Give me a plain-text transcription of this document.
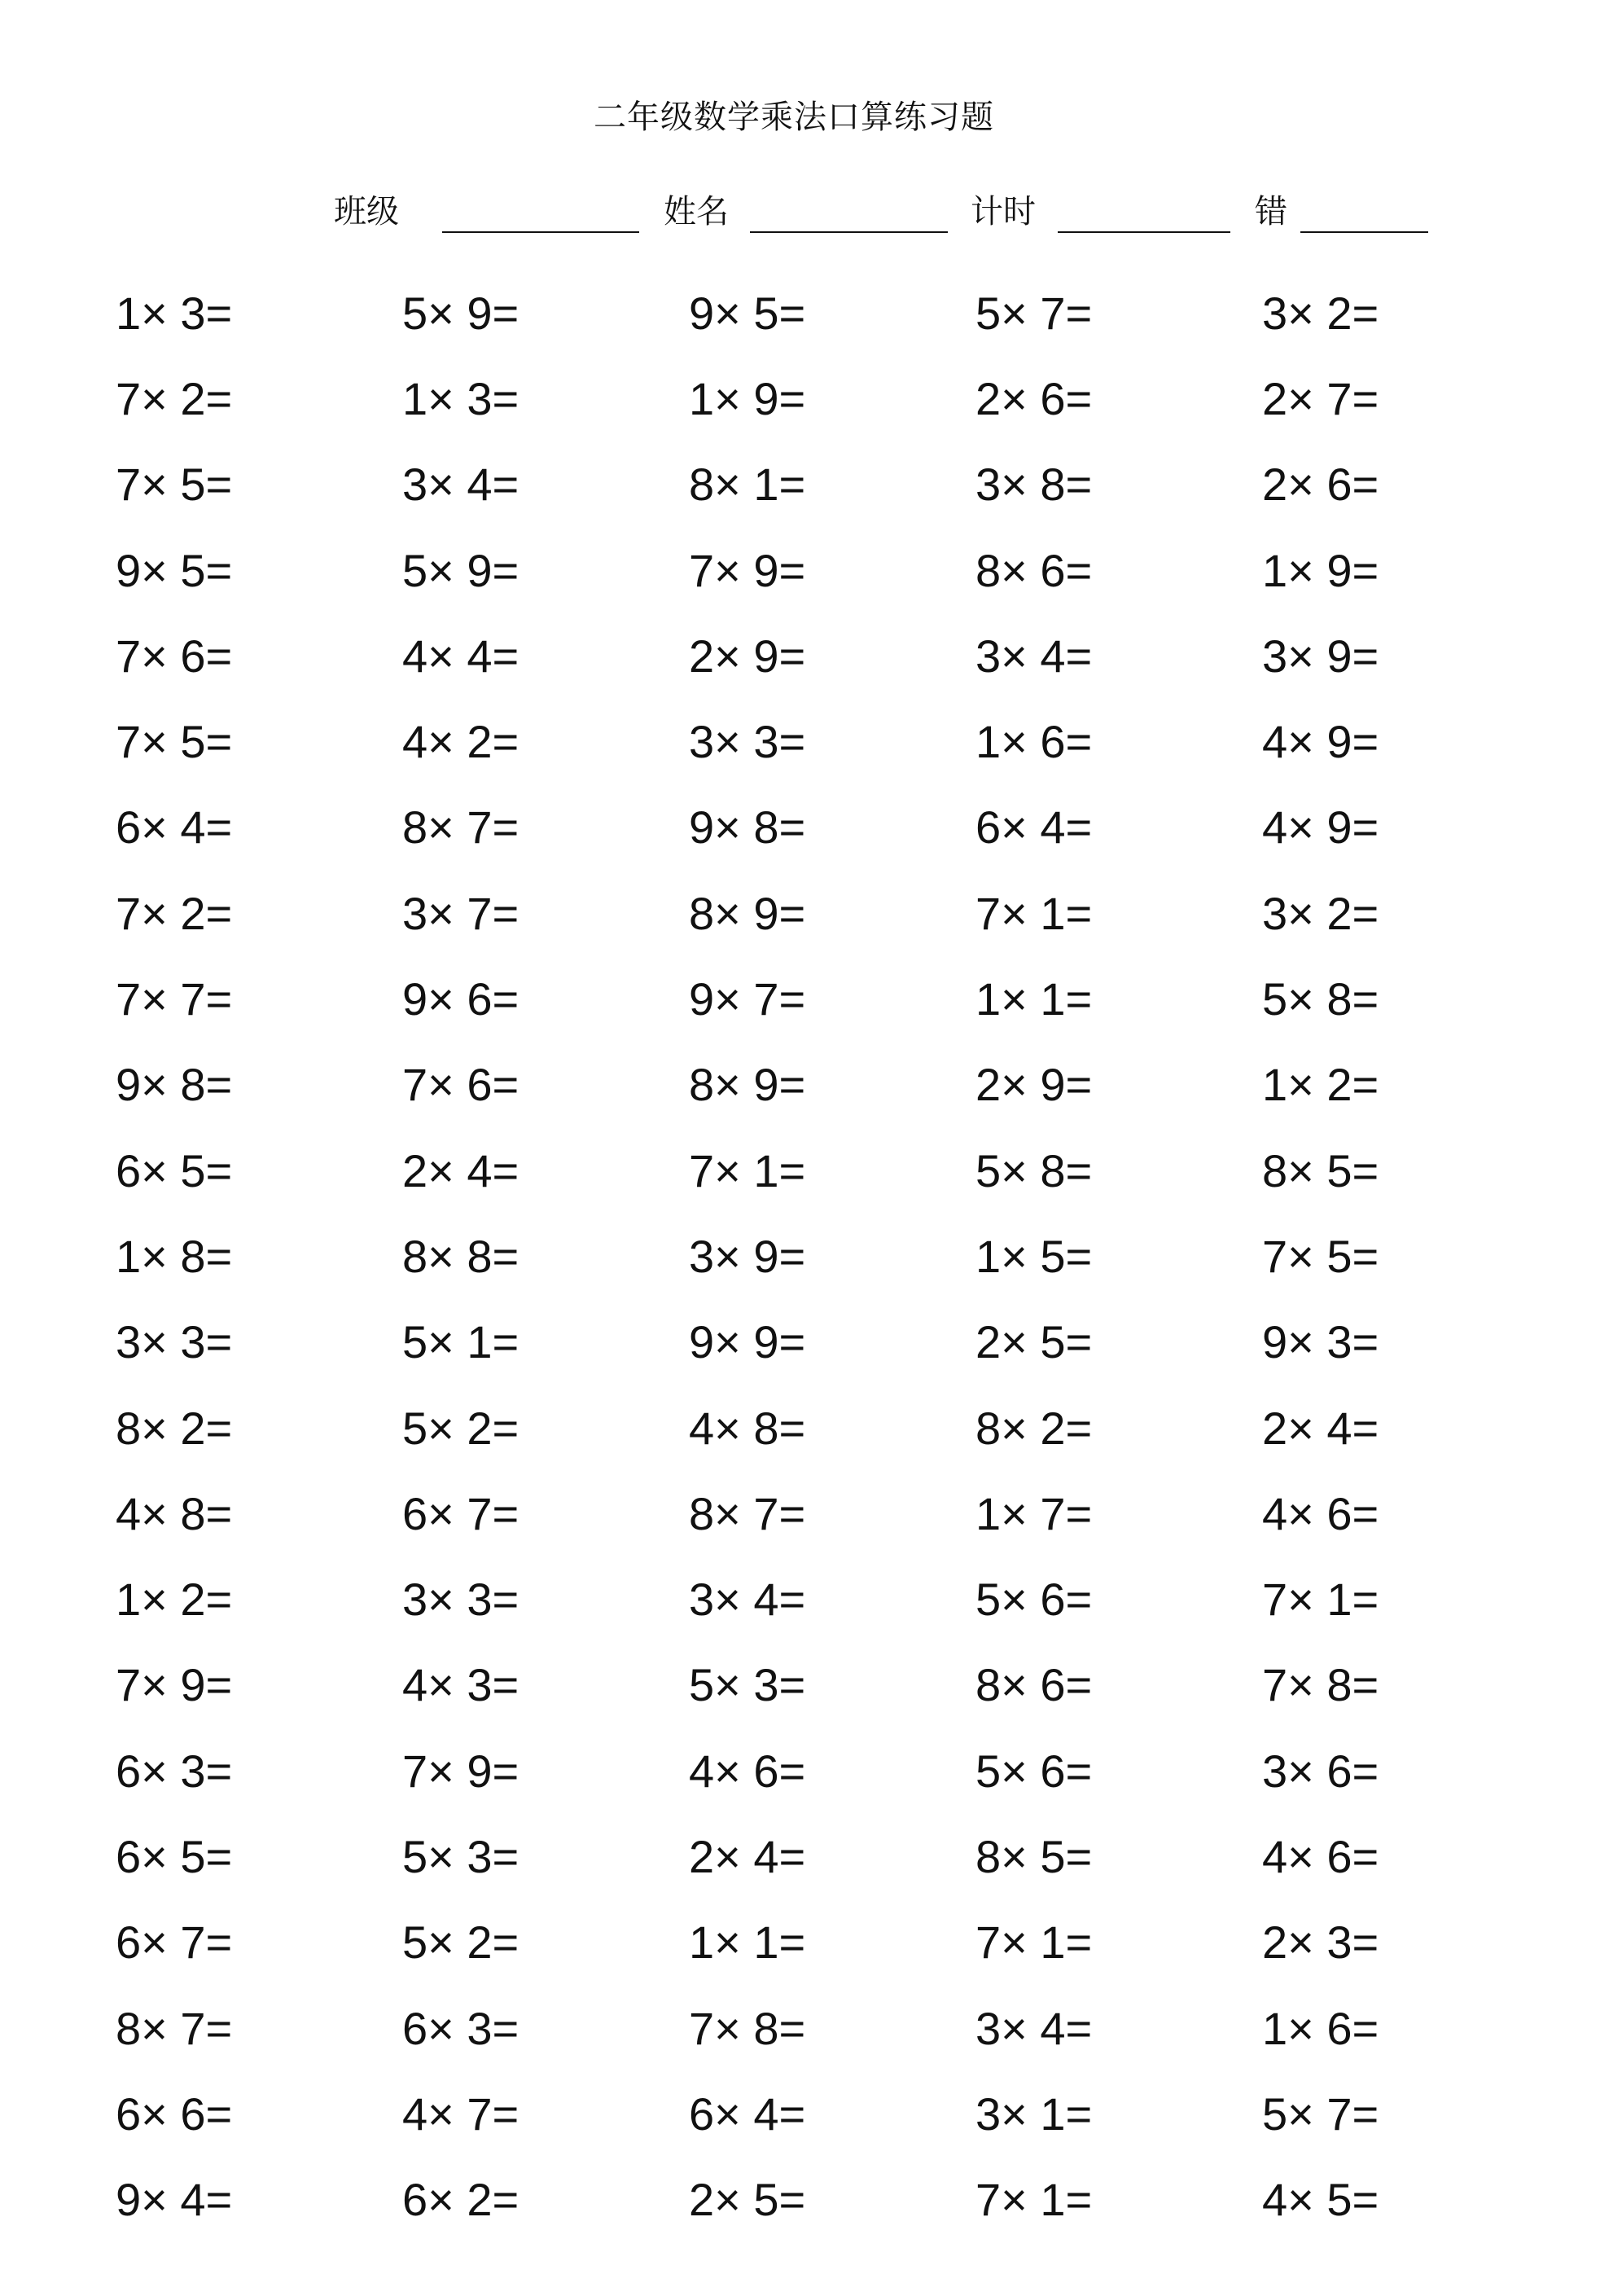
二年级数学乘法口算练习题
班级	姓名	计时	错
1× 3=	5× 9=	9× 5=	5× 7=	3× 2=
7× 2=	1× 3=	1× 9=	2× 6=	2× 7=
7× 5=	3× 4=	8× 1=	3× 8=	2× 6=
9× 5=	5× 9=	7× 9=	8× 6=	1× 9=
7× 6=	4× 4=	2× 9=	3× 4=	3× 9=
7× 5=	4× 2=	3× 3=	1× 6=	4× 9=
6× 4=	8× 7=	9× 8=	6× 4=	4× 9=
7× 2=	3× 7=	8× 9=	7× 1=	3× 2=
7× 7=	9× 6=	9× 7=	1× 1=	5× 8=
9× 8=	7× 6=	8× 9=	2× 9=	1× 2=
6× 5=	2× 4=	7× 1=	5× 8=	8× 5=
1× 8=	8× 8=	3× 9=	1× 5=	7× 5=
3× 3=	5× 1=	9× 9=	2× 5=	9× 3=
8× 2=	5× 2=	4× 8=	8× 2=	2× 4=
4× 8=	6× 7=	8× 7=	1× 7=	4× 6=
1× 2=	3× 3=	3× 4=	5× 6=	7× 1=
7× 9=	4× 3=	5× 3=	8× 6=	7× 8=
6× 3=	7× 9=	4× 6=	5× 6=	3× 6=
6× 5=	5× 3=	2× 4=	8× 5=	4× 6=
6× 7=	5× 2=	1× 1=	7× 1=	2× 3=
8× 7=	6× 3=	7× 8=	3× 4=	1× 6=
6× 6=	4× 7=	6× 4=	3× 1=	5× 7=
9× 4=	6× 2=	2× 5=	7× 1=	4× 5=
